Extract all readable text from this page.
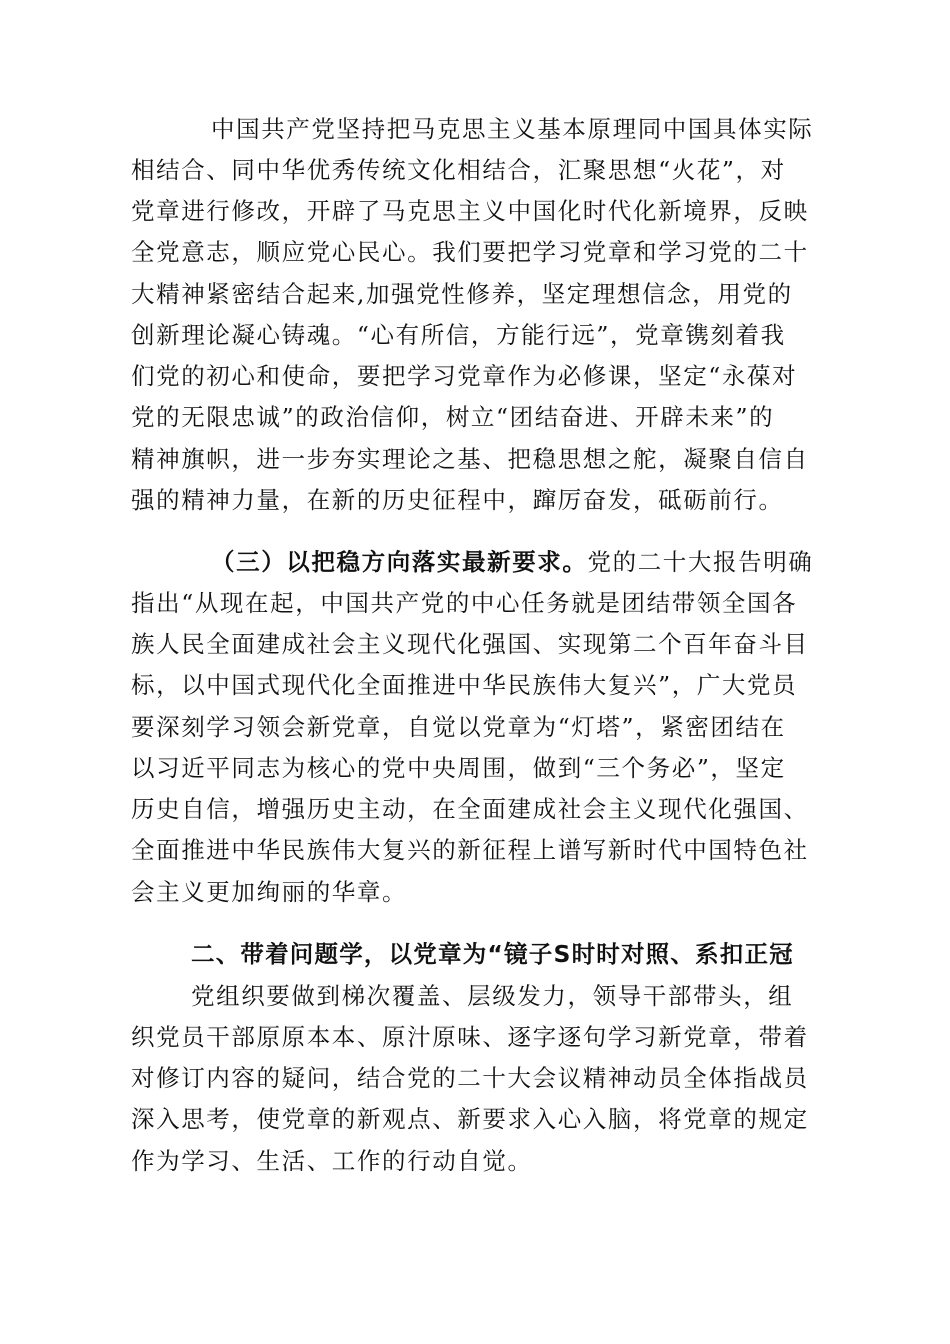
中国共产党坚持把马克思主义基本原理同中国具体实际
相结合、同中华优秀传统文化相结合，汇聚思想“火花”，对
党章进行修改，开辟了马克思主义中国化时代化新境界，反映
全党意志，顺应党心民心。我们要把学习党章和学习党的二十
大精神紧密结合起来,加强党性修养，坚定理想信念，用党的
创新理论凝心铸魂。“心有所信，方能行远”，党章镌刻着我
们党的初心和使命，要把学习党章作为必修课，坚定“永葆对
党的无限忠诚”的政治信仰，树立“团结奋进、开辟未来”的
精神旗帜，进一步夯实理论之基、把稳思想之舵，凝聚自信自
强的精神力量，在新的历史征程中，蹿厉奋发，砥砺前行。
（三）以把稳方向落实最新要求。党的二十大报告明确
指出“从现在起，中国共产党的中心任务就是团结带领全国各
族人民全面建成社会主义现代化强国、实现第二个百年奋斗目
标，以中国式现代化全面推进中华民族伟大复兴”，广大党员
要深刻学习领会新党章，自觉以党章为“灯塔”，紧密团结在
以习近平同志为核心的党中央周围，做到“三个务必”，坚定
历史自信，增强历史主动，在全面建成社会主义现代化强国、
全面推进中华民族伟大复兴的新征程上谱写新时代中国特色社
会主义更加绚丽的华章。
二、带着问题学，以党章为“镜子S时时对照、系扣正冠
党组织要做到梯次覆盖、层级发力，领导干部带头，组
织党员干部原原本本、原汁原味、逐字逐句学习新党章，带着
对修订内容的疑问，结合党的二十大会议精神动员全体指战员
深入思考，使党章的新观点、新要求入心入脑，将党章的规定
作为学习、生活、工作的行动自觉。
